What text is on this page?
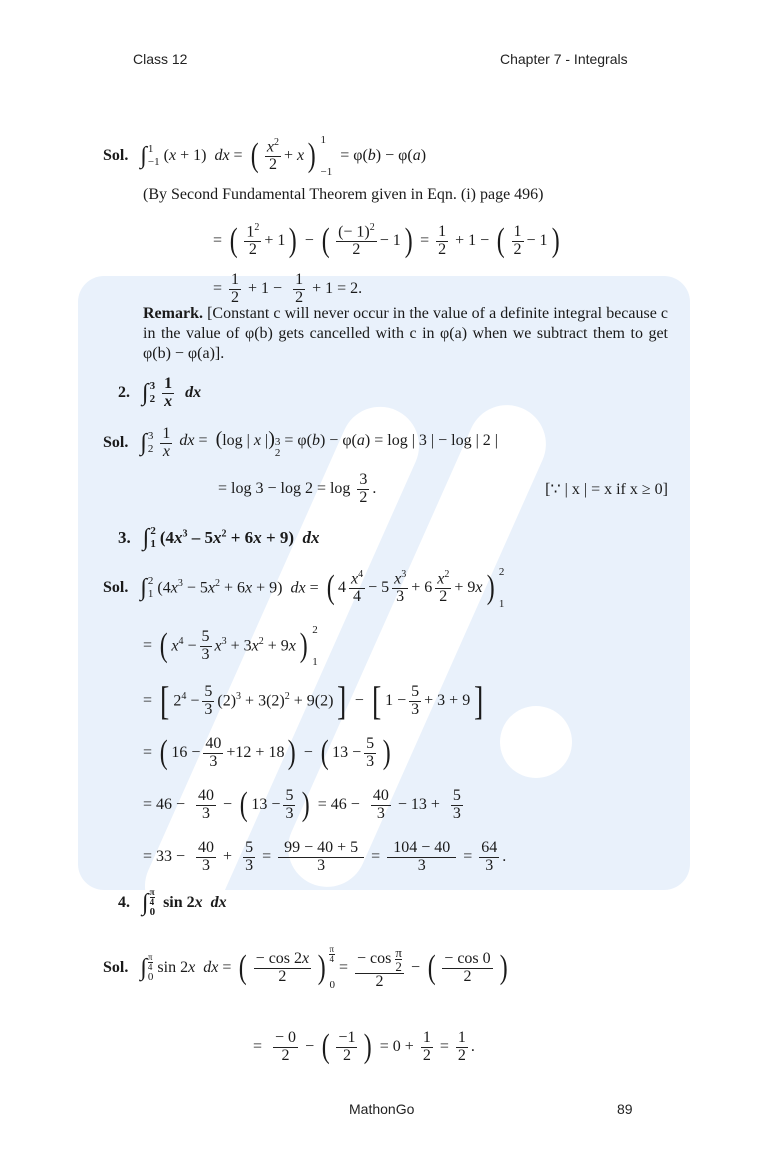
Class 12	Chapter 7 - Integrals
Sol. ∫ 1
−1 (x + 1)  dx = ( $\frac{x^2}{2} + x$ ) 1
−1
= φ(b) − φ(a)
(By Second Fundamental Theorem given in Eqn. (i) page 496)
= ( $\frac{1^2}{2} + 1$ ) − ( $\frac{(- 1)^2}{2} - 1$ ) = $\frac{1}{2} + 1$ − ( $\frac{1}{2} - 1$ )
= $\frac{1}{2} + 1 - \frac{1}{2} + 1 = 2$.
Remark. [Constant c will never occur in the value of a definite integral because c in the value of φ(b) gets cancelled with c in φ(a) when we subtract them to get φ(b) − φ(a)].
2. ∫ 3
$2 \frac{1}{x}$ dx
Sol. ∫ 3
$2 \frac{1}{x}$ dx =  (log | x |) 3
2
= φ(b) − φ(a) = log | 3 | − log | 2 |
= $\log 3 - \log 2 = \log \frac{3}{2}$ .	[∵ | x | = x if x ≥ 0]
3. ∫ 2
1 $(4x^3 - 5x^2 + 6x + 9)$  dx
Sol. ∫ 2
1 $(4x^3 - 5x^2 + 6x + 9)$  dx = ( $4 \frac{x^4}{4} - 5 \frac{x^3}{3} + 6 \frac{x^2}{2} + 9x$ ) 2
1
= ( $x^4 - \frac{5}{3} x^3 + 3x^2 + 9x$ ) 2
1
= [ $2^4 - \frac{5}{3} (2)^3 + 3(2)^2 + 9(2)$ ] − [ $1 - \frac{5}{3} + 3 + 9$ ]
= ( $16 - \frac{40}{3} +12 + 18$ ) − ( $13 - \frac{5}{3}$ )
= $46 - \frac{40}{3}$ − ( $13 - \frac{5}{3}$ ) = $46 - \frac{40}{3} - 13 + \frac{5}{3}$
= $33 - \frac{40}{3} + \frac{5}{3} = \frac{99 - 40 + 5}{3} = \frac{104 - 40}{3} = \frac{64}{3}$ .
4. ∫ π
4
0
sin 2x dx
Sol. ∫ π
4
0
sin 2x dx = ( $\frac{- \cos 2x}{2}$ ) π
4
0
= $\frac{- \cos \frac{\pi}{2}}{2}$ − ( $\frac{- \cos 0}{2}$ )
= $\frac{- 0}{2}$ − ( $\frac{-1}{2}$ ) = $0 + \frac{1}{2} = \frac{1}{2}$ .
MathonGo	89
